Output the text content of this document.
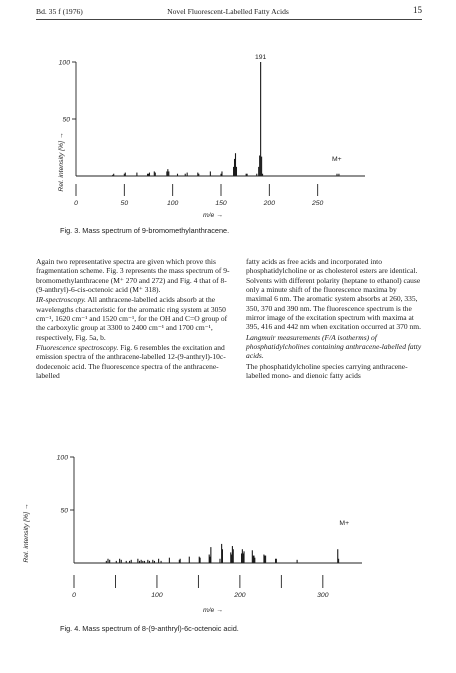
Bd. 35 f (1976)	Novel Fluorescent-Labelled Fatty Acids	15
Rel. intensity [%] →
191
M+
0	50	100	150	200	250
50
100
m/e →
Fig. 3. Mass spectrum of 9-bromomethylanthracene.

Again two representative spectra are given which prove this fragmentation scheme. Fig. 3 represents the mass spectrum of 9-bromomethylanthracene (M⁺ 270 and 272) and Fig. 4 that of 8-(9-anthryl)-6-cis-octenoic acid (M⁺ 318).

IR-spectroscopy. All anthracene-labelled acids absorb at the wavelengths characteristic for the aromatic ring system at 3050 cm⁻¹, 1620 cm⁻¹ and 1520 cm⁻¹, for the OH and C=O group of the carboxylic group at 3300 to 2400 cm⁻¹ and 1700 cm⁻¹, respectively, Fig. 5a, b.

Fluorescence spectroscopy. Fig. 6 resembles the excitation and emission spectra of the anthracene-labelled 12-(9-anthryl)-10c-dodecenoic acid. The fluorescence spectra of the anthracene-labelled

fatty acids as free acids and incorporated into phosphatidylcholine or as cholesterol esters are identical. Solvents with different polarity (heptane to ethanol) cause only a minute shift of the fluorescence maxima by maximal 6 nm. The aromatic system absorbs at 260, 335, 350, 370 and 390 nm. The fluorescence spectrum is the mirror image of the excitation spectrum with maxima at 395, 416 and 442 nm when excitation occurred at 370 nm.

Langmuir measurements (F/A isotherms) of phosphatidylcholines containing anthracene-labelled fatty acids.

The phosphatidylcholine species carrying anthracene-labelled mono- and dienoic fatty acids

Rel. intensity [%] →	M+
0	100	200	300
50
100
m/e →
Fig. 4. Mass spectrum of 8-(9-anthryl)-6c-octenoic acid.
